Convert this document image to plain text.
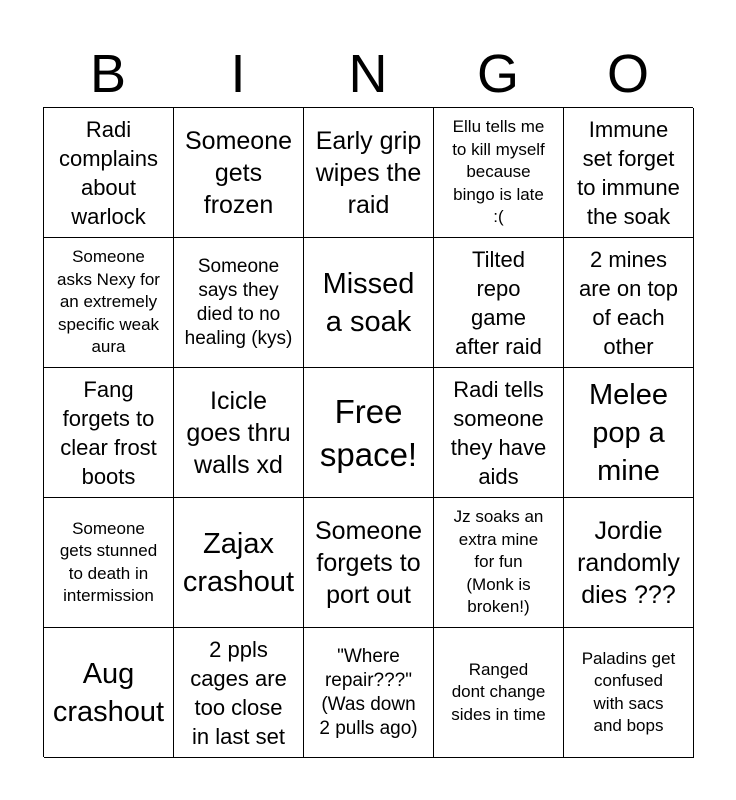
B	I	N	G	O
Radi
complains
about
warlock
Someone
gets
frozen
Early grip
wipes the
raid
Ellu tells me
to kill myself
because
bingo is late
:(
Immune
set forget
to immune
the soak
Someone
asks Nexy for
an extremely
specific weak
aura
Someone
says they
died to no
healing (kys)
Missed
a soak
Tilted
repo
game
after raid
2 mines
are on top
of each
other
Fang
forgets to
clear frost
boots
Icicle
goes thru
walls xd
Free
space!
Radi tells
someone
they have
aids
Melee
pop a
mine
Someone
gets stunned
to death in
intermission
Zajax
crashout
Someone
forgets to
port out
Jz soaks an
extra mine
for fun
(Monk is
broken!)
Jordie
randomly
dies ???
Aug
crashout
2 ppls
cages are
too close
in last set
"Where
repair???"
(Was down
2 pulls ago)
Ranged
dont change
sides in time
Paladins get
confused
with sacs
and bops
